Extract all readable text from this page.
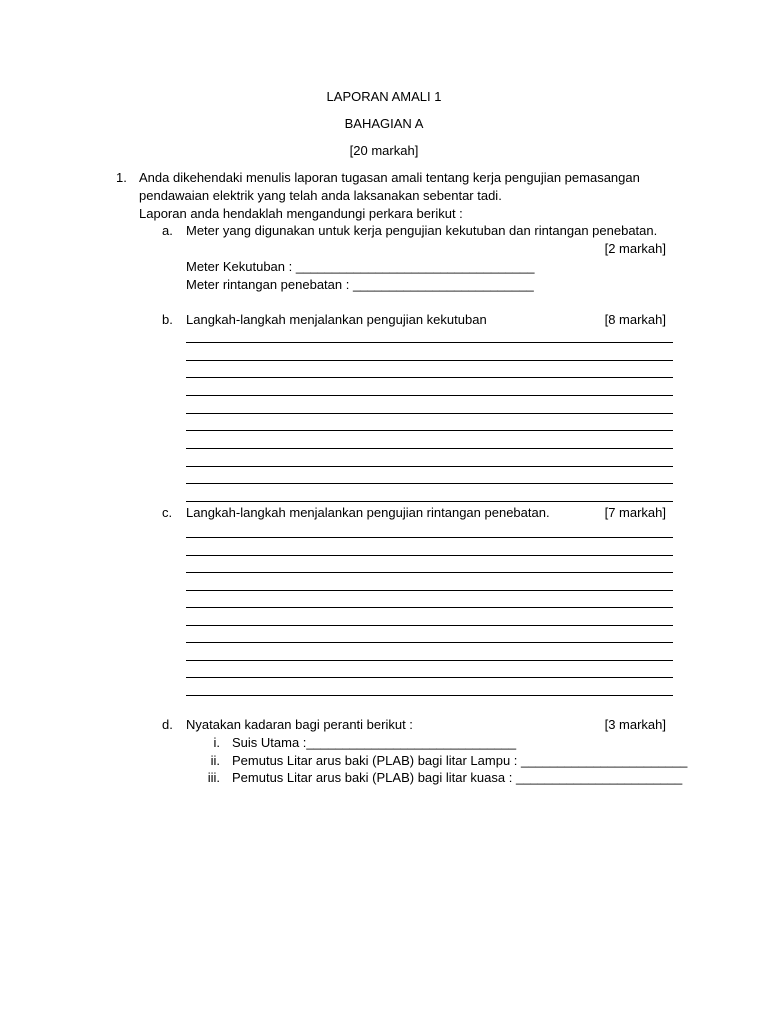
LAPORAN AMALI 1
BAHAGIAN A
[20 markah]
1. Anda dikehendaki menulis laporan tugasan amali tentang kerja pengujian pemasangan
pendawaian elektrik yang telah anda laksanakan sebentar tadi.
Laporan anda hendaklah mengandungi perkara berikut :
a. Meter yang digunakan untuk kerja pengujian kekutuban dan rintangan penebatan.
[2 markah]
Meter Kekutuban : _________________________________
Meter rintangan penebatan : _________________________
b. Langkah-langkah menjalankan pengujian kekutuban	[8 markah]
c. Langkah-langkah menjalankan pengujian rintangan penebatan.	[7 markah]
d. Nyatakan kadaran bagi peranti berikut :	[3 markah]
i. Suis Utama :_____________________________
ii. Pemutus Litar arus baki (PLAB) bagi litar Lampu : _______________________
iii. Pemutus Litar arus baki (PLAB) bagi litar kuasa : _______________________
